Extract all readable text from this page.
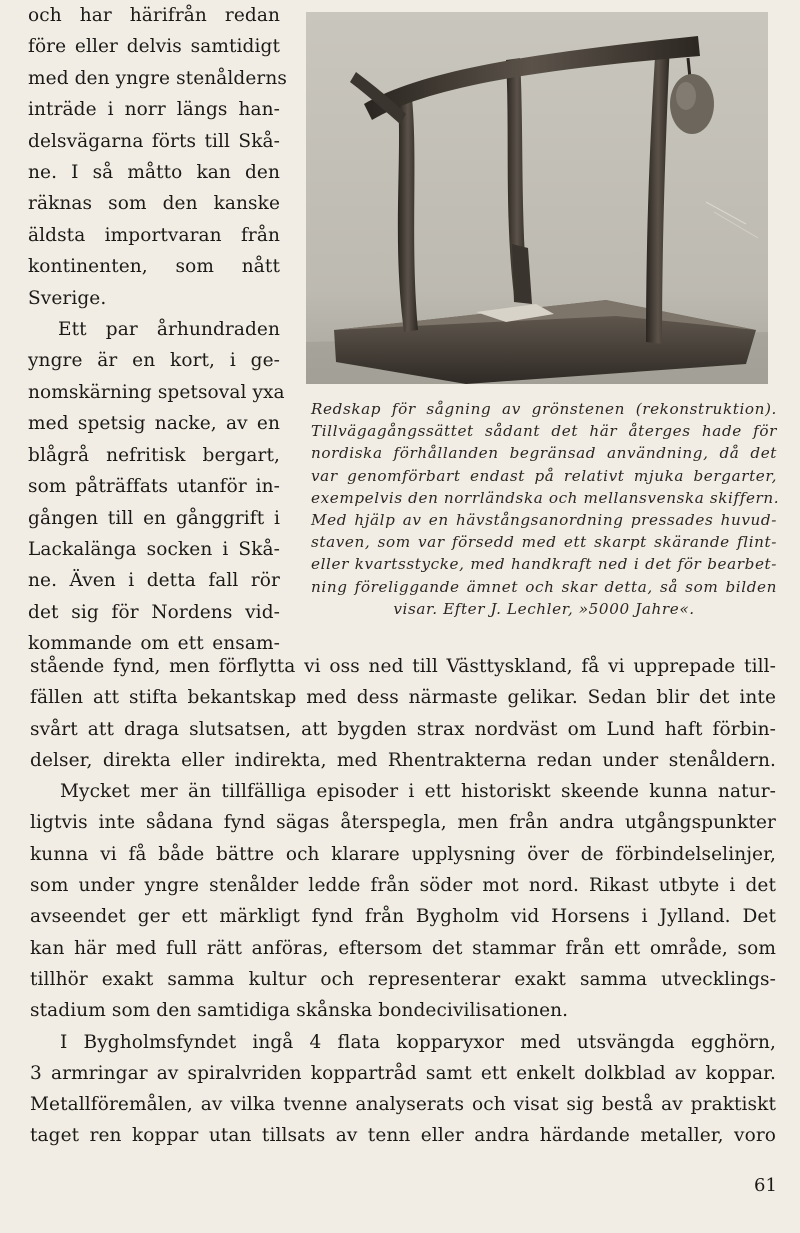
och har härifrån redan
före eller delvis samtidigt
med den yngre stenålderns
inträde i norr längs han-
delsvägarna förts till Skå-
ne. I så måtto kan den
räknas som den kanske
äldsta importvaran från
kontinenten, som nått
Sverige.
Ett par århundraden
yngre är en kort, i ge-
nomskärning spetsoval yxa
med spetsig nacke, av en
blågrå nefritisk bergart,
som påträffats utanför in-
gången till en gånggrift i
Lackalänga socken i Skå-
ne. Även i detta fall rör
det sig för Nordens vid-
kommande om ett ensam-
Redskap för sågning av grönstenen (rekonstruktion).
Tillvägagångssättet sådant det här återges hade för
nordiska förhållanden begränsad användning, då det
var genomförbart endast på relativt mjuka bergarter,
exempelvis den norrländska och mellansvenska skiffern.
Med hjälp av en hävstångsanordning pressades huvud-
staven, som var försedd med ett skarpt skärande flint-
eller kvartsstycke, med handkraft ned i det för bearbet-
ning föreliggande ämnet och skar detta, så som bilden
visar. Efter J. Lechler, »5000 Jahre«.
stående fynd, men förflytta vi oss ned till Västtyskland, få vi upprepade till-
fällen att stifta bekantskap med dess närmaste gelikar. Sedan blir det inte
svårt att draga slutsatsen, att bygden strax nordväst om Lund haft förbin-
delser, direkta eller indirekta, med Rhentrakterna redan under stenåldern.
Mycket mer än tillfälliga episoder i ett historiskt skeende kunna natur-
ligtvis inte sådana fynd sägas återspegla, men från andra utgångspunkter
kunna vi få både bättre och klarare upplysning över de förbindelselinjer,
som under yngre stenålder ledde från söder mot nord. Rikast utbyte i det
avseendet ger ett märkligt fynd från Bygholm vid Horsens i Jylland. Det
kan här med full rätt anföras, eftersom det stammar från ett område, som
tillhör exakt samma kultur och representerar exakt samma utvecklings-
stadium som den samtidiga skånska bondecivilisationen.
I Bygholmsfyndet ingå 4 flata kopparyxor med utsvängda egghörn,
3 armringar av spiralvriden koppartråd samt ett enkelt dolkblad av koppar.
Metallföremålen, av vilka tvenne analyserats och visat sig bestå av praktiskt
taget ren koppar utan tillsats av tenn eller andra härdande metaller, voro
61
